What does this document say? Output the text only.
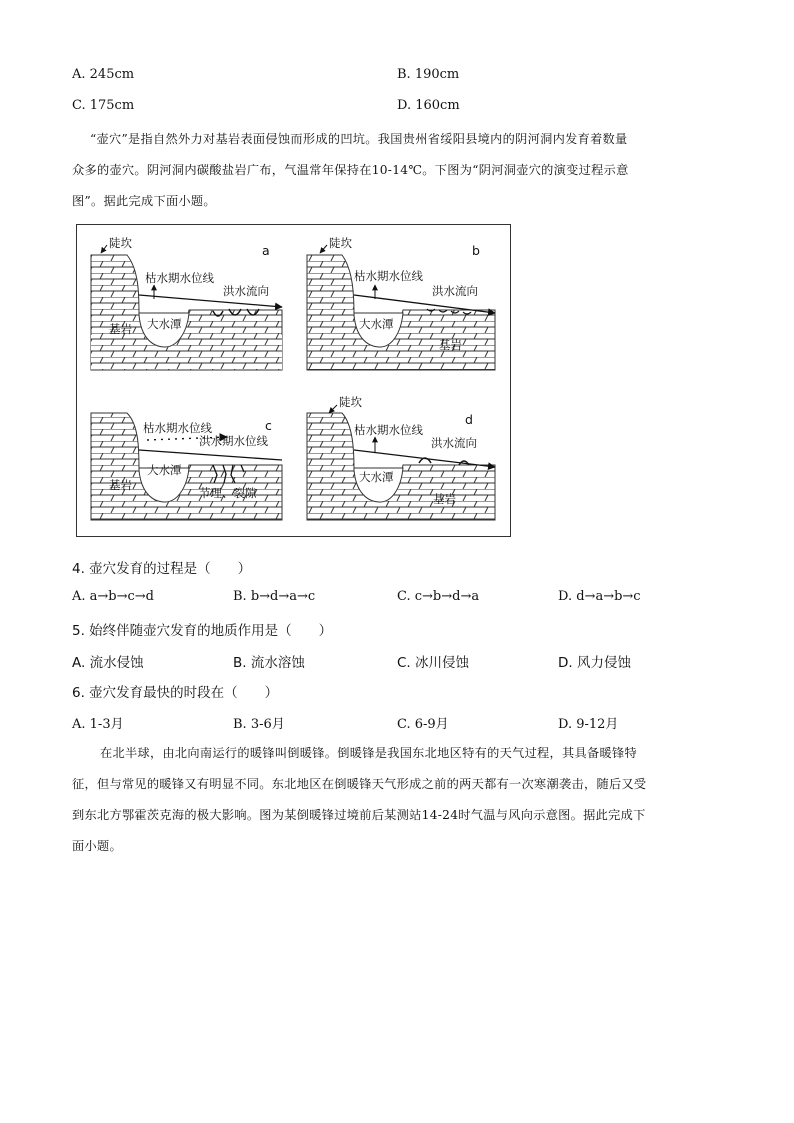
A. 245cm	B. 190cm
C. 175cm	D. 160cm
“壶穴”是指自然外力对基岩表面侵蚀而形成的凹坑。我国贵州省绥阳县境内的阴河洞内发育着数量
众多的壶穴。阴河洞内碳酸盐岩广布，气温常年保持在10-14℃。下图为“阴河洞壶穴的演变过程示意
图”。据此完成下面小题。
陡坎	a
枯水期水位线
洪水流向
大水潭
基岩
陡坎	b
枯水期水位线
洪水流向
大水潭
基岩
c
枯水期水位线
洪水期水位线
大水潭
基岩
节理、裂隙
陡坎
d
枯水期水位线
洪水流向
大水潭
基岩
4. 壶穴发育的过程是（　　）
A. a→b→c→d	B. b→d→a→c	C. c→b→d→a	D. d→a→b→c
5. 始终伴随壶穴发育的地质作用是（　　）
A. 流水侵蚀	B. 流水溶蚀	C. 冰川侵蚀	D. 风力侵蚀
6. 壶穴发育最快的时段在（　　）
A. 1-3月	B. 3-6月	C. 6-9月	D. 9-12月
在北半球，由北向南运行的暖锋叫倒暖锋。倒暖锋是我国东北地区特有的天气过程，其具备暖锋特
征，但与常见的暖锋又有明显不同。东北地区在倒暖锋天气形成之前的两天都有一次寒潮袭击，随后又受
到东北方鄂霍茨克海的极大影响。图为某倒暖锋过境前后某测站14-24时气温与风向示意图。据此完成下
面小题。
